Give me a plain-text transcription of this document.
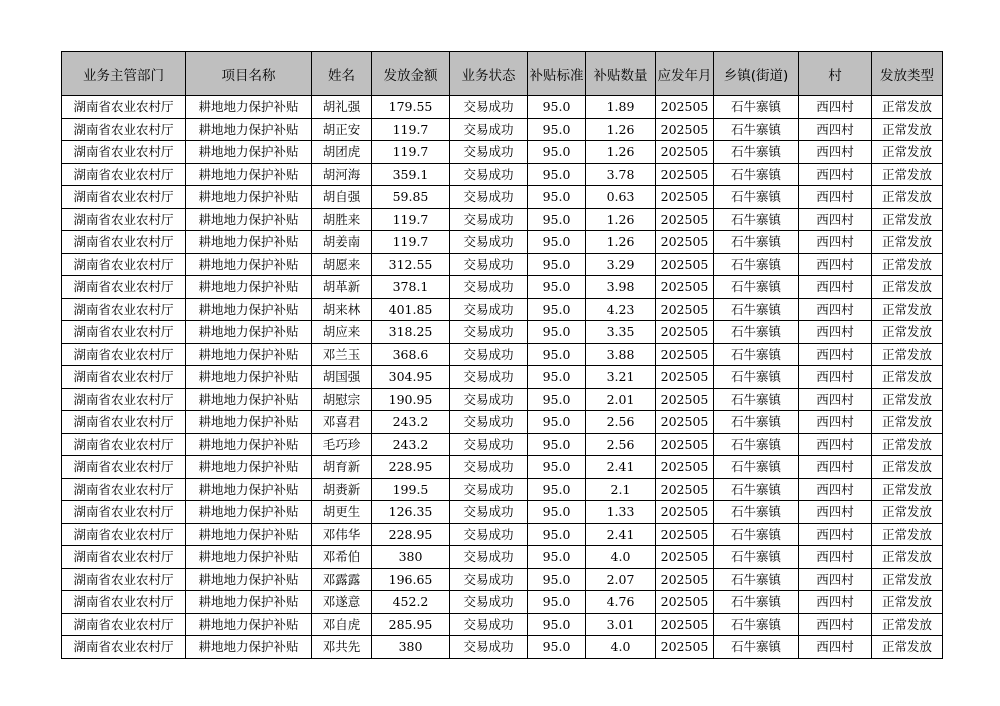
业务主管部门	项目名称	姓名	发放金额	业务状态	补贴标准	补贴数量	应发年月	乡镇(街道)	村	发放类型
湖南省农业农村厅	耕地地力保护补贴	胡礼强	179.55	交易成功	95.0	1.89	202505	石牛寨镇	西四村	正常发放
湖南省农业农村厅	耕地地力保护补贴	胡正安	119.7	交易成功	95.0	1.26	202505	石牛寨镇	西四村	正常发放
湖南省农业农村厅	耕地地力保护补贴	胡团虎	119.7	交易成功	95.0	1.26	202505	石牛寨镇	西四村	正常发放
湖南省农业农村厅	耕地地力保护补贴	胡河海	359.1	交易成功	95.0	3.78	202505	石牛寨镇	西四村	正常发放
湖南省农业农村厅	耕地地力保护补贴	胡自强	59.85	交易成功	95.0	0.63	202505	石牛寨镇	西四村	正常发放
湖南省农业农村厅	耕地地力保护补贴	胡胜来	119.7	交易成功	95.0	1.26	202505	石牛寨镇	西四村	正常发放
湖南省农业农村厅	耕地地力保护补贴	胡姜南	119.7	交易成功	95.0	1.26	202505	石牛寨镇	西四村	正常发放
湖南省农业农村厅	耕地地力保护补贴	胡愿来	312.55	交易成功	95.0	3.29	202505	石牛寨镇	西四村	正常发放
湖南省农业农村厅	耕地地力保护补贴	胡革新	378.1	交易成功	95.0	3.98	202505	石牛寨镇	西四村	正常发放
湖南省农业农村厅	耕地地力保护补贴	胡来林	401.85	交易成功	95.0	4.23	202505	石牛寨镇	西四村	正常发放
湖南省农业农村厅	耕地地力保护补贴	胡应来	318.25	交易成功	95.0	3.35	202505	石牛寨镇	西四村	正常发放
湖南省农业农村厅	耕地地力保护补贴	邓兰玉	368.6	交易成功	95.0	3.88	202505	石牛寨镇	西四村	正常发放
湖南省农业农村厅	耕地地力保护补贴	胡国强	304.95	交易成功	95.0	3.21	202505	石牛寨镇	西四村	正常发放
湖南省农业农村厅	耕地地力保护补贴	胡慰宗	190.95	交易成功	95.0	2.01	202505	石牛寨镇	西四村	正常发放
湖南省农业农村厅	耕地地力保护补贴	邓喜君	243.2	交易成功	95.0	2.56	202505	石牛寨镇	西四村	正常发放
湖南省农业农村厅	耕地地力保护补贴	毛巧珍	243.2	交易成功	95.0	2.56	202505	石牛寨镇	西四村	正常发放
湖南省农业农村厅	耕地地力保护补贴	胡育新	228.95	交易成功	95.0	2.41	202505	石牛寨镇	西四村	正常发放
湖南省农业农村厅	耕地地力保护补贴	胡赉新	199.5	交易成功	95.0	2.1	202505	石牛寨镇	西四村	正常发放
湖南省农业农村厅	耕地地力保护补贴	胡更生	126.35	交易成功	95.0	1.33	202505	石牛寨镇	西四村	正常发放
湖南省农业农村厅	耕地地力保护补贴	邓伟华	228.95	交易成功	95.0	2.41	202505	石牛寨镇	西四村	正常发放
湖南省农业农村厅	耕地地力保护补贴	邓希伯	380	交易成功	95.0	4.0	202505	石牛寨镇	西四村	正常发放
湖南省农业农村厅	耕地地力保护补贴	邓露露	196.65	交易成功	95.0	2.07	202505	石牛寨镇	西四村	正常发放
湖南省农业农村厅	耕地地力保护补贴	邓遂意	452.2	交易成功	95.0	4.76	202505	石牛寨镇	西四村	正常发放
湖南省农业农村厅	耕地地力保护补贴	邓自虎	285.95	交易成功	95.0	3.01	202505	石牛寨镇	西四村	正常发放
湖南省农业农村厅	耕地地力保护补贴	邓共先	380	交易成功	95.0	4.0	202505	石牛寨镇	西四村	正常发放
